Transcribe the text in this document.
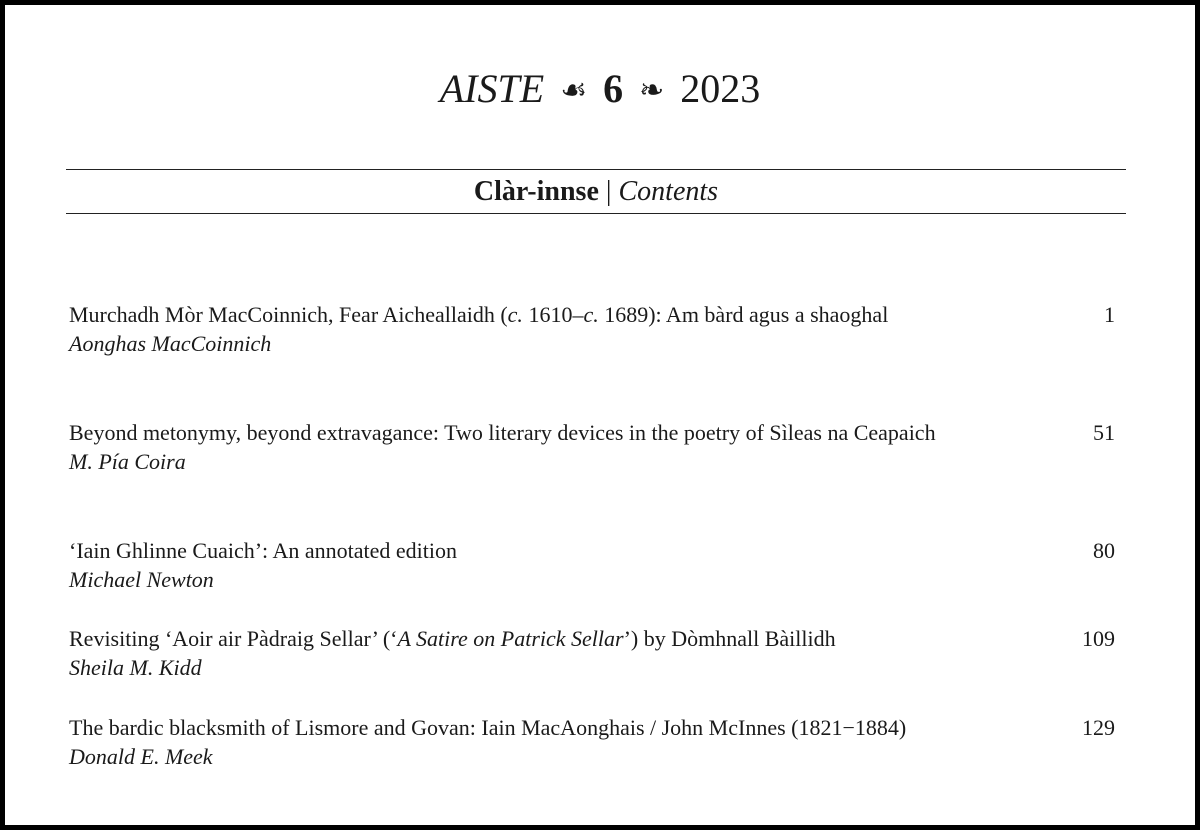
AISTE ☙ 6 ❧ 2023
Clàr-innse | Contents
Murchadh Mòr MacCoinnich, Fear Aicheallaidh (c. 1610–c. 1689): Am bàrd agus a shaoghal
Aonghas MacCoinnich
1
Beyond metonymy, beyond extravagance: Two literary devices in the poetry of Sìleas na Ceapaich
M. Pía Coira
51
‘Iain Ghlinne Cuaich’: An annotated edition
Michael Newton
80
Revisiting ‘Aoir air Pàdraig Sellar’ (‘A Satire on Patrick Sellar’) by Dòmhnall Bàillidh
Sheila M. Kidd
109
The bardic blacksmith of Lismore and Govan: Iain MacAonghais / John McInnes (1821−1884)
Donald E. Meek
129
